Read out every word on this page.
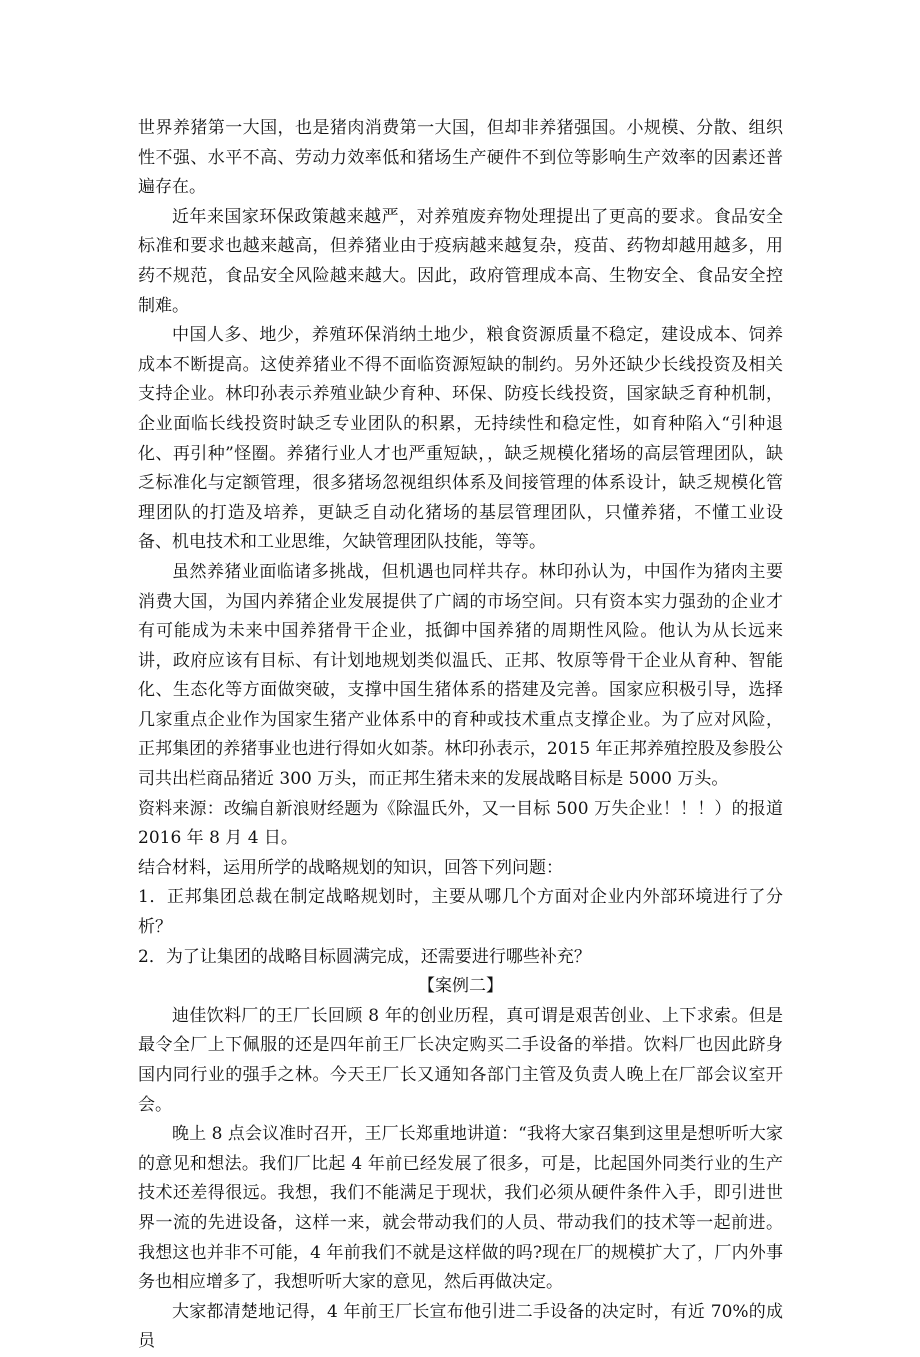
世界养猪第一大国，也是猪肉消费第一大国，但却非养猪强国。小规模、分散、组织性不强、水平不高、劳动力效率低和猪场生产硬件不到位等影响生产效率的因素还普遍存在。

近年来国家环保政策越来越严，对养殖废弃物处理提出了更高的要求。食品安全标准和要求也越来越高，但养猪业由于疫病越来越复杂，疫苗、药物却越用越多，用药不规范，食品安全风险越来越大。因此，政府管理成本高、生物安全、食品安全控制难。

中国人多、地少，养殖环保消纳土地少，粮食资源质量不稳定，建设成本、饲养成本不断提高。这使养猪业不得不面临资源短缺的制约。另外还缺少长线投资及相关支持企业。林印孙表示养殖业缺少育种、环保、防疫长线投资，国家缺乏育种机制，企业面临长线投资时缺乏专业团队的积累，无持续性和稳定性，如育种陷入“引种退化、再引种”怪圈。养猪行业人才也严重短缺，，缺乏规模化猪场的高层管理团队，缺乏标准化与定额管理，很多猪场忽视组织体系及间接管理的体系设计，缺乏规模化管理团队的打造及培养，更缺乏自动化猪场的基层管理团队，只懂养猪，不懂工业设备、机电技术和工业思维，欠缺管理团队技能，等等。

虽然养猪业面临诸多挑战，但机遇也同样共存。林印孙认为，中国作为猪肉主要消费大国，为国内养猪企业发展提供了广阔的市场空间。只有资本实力强劲的企业才有可能成为未来中国养猪骨干企业，抵御中国养猪的周期性风险。他认为从长远来讲，政府应该有目标、有计划地规划类似温氏、正邦、牧原等骨干企业从育种、智能化、生态化等方面做突破，支撑中国生猪体系的搭建及完善。国家应积极引导，选择几家重点企业作为国家生猪产业体系中的育种或技术重点支撑企业。为了应对风险，正邦集团的养猪事业也进行得如火如荼。林印孙表示，2015 年正邦养殖控股及参股公司共出栏商品猪近 300 万头，而正邦生猪未来的发展战略目标是 5000 万头。

资料来源：改编自新浪财经题为《除温氏外，又一目标 500 万失企业！！！）的报道 2016 年 8 月 4 日。

结合材料，运用所学的战略规划的知识，回答下列问题：

1．正邦集团总裁在制定战略规划时，主要从哪几个方面对企业内外部环境进行了分析？

2．为了让集团的战略目标圆满完成，还需要进行哪些补充？

【案例二】

迪佳饮料厂的王厂长回顾 8 年的创业历程，真可谓是艰苦创业、上下求索。但是最令全厂上下佩服的还是四年前王厂长决定购买二手设备的举措。饮料厂也因此跻身国内同行业的强手之林。今天王厂长又通知各部门主管及负责人晚上在厂部会议室开会。

晚上 8 点会议准时召开，王厂长郑重地讲道：“我将大家召集到这里是想听听大家的意见和想法。我们厂比起 4 年前已经发展了很多，可是，比起国外同类行业的生产技术还差得很远。我想，我们不能满足于现状，我们必须从硬件条件入手，即引进世界一流的先进设备，这样一来，就会带动我们的人员、带动我们的技术等一起前进。我想这也并非不可能，4 年前我们不就是这样做的吗?现在厂的规模扩大了，厂内外事务也相应增多了，我想听听大家的意见，然后再做决定。

大家都清楚地记得，4 年前王厂长宣布他引进二手设备的决定时，有近 70%的成员
